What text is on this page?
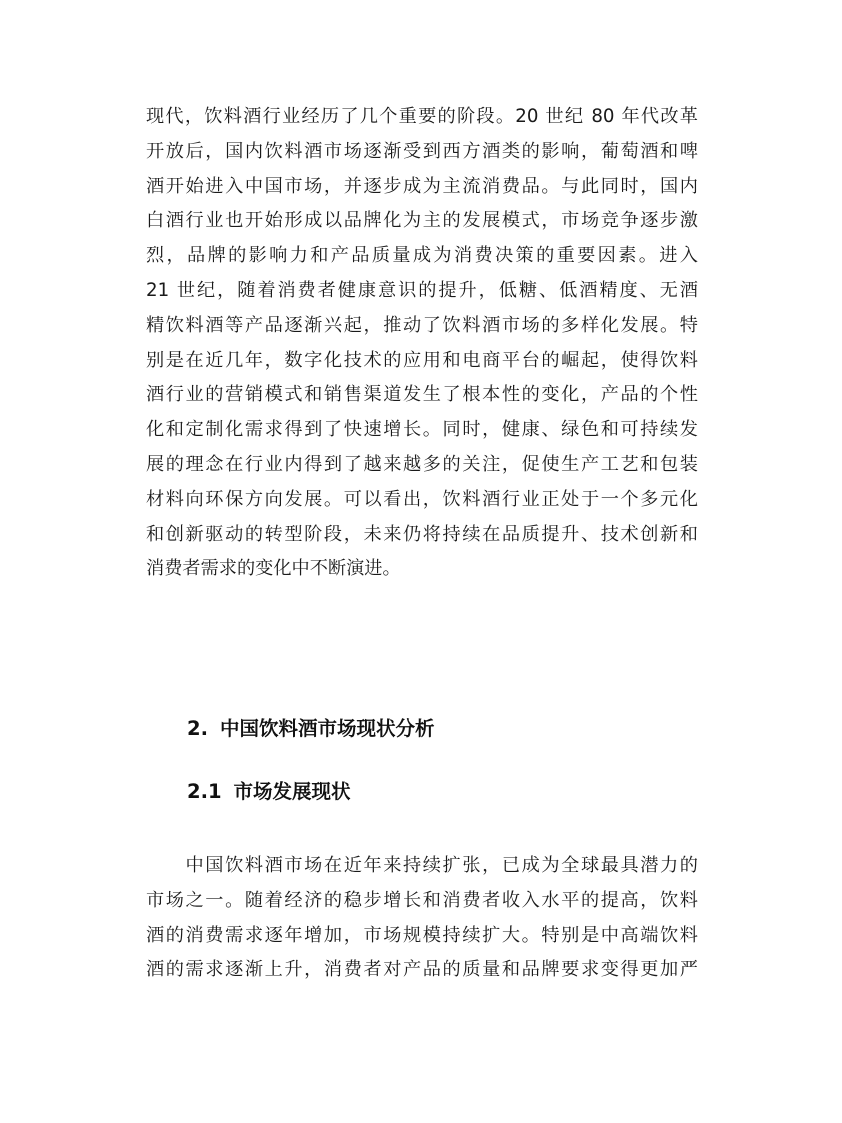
现代，饮料酒行业经历了几个重要的阶段。20 世纪 80 年代改革
开放后，国内饮料酒市场逐渐受到西方酒类的影响，葡萄酒和啤
酒开始进入中国市场，并逐步成为主流消费品。与此同时，国内
白酒行业也开始形成以品牌化为主的发展模式，市场竞争逐步激
烈，品牌的影响力和产品质量成为消费决策的重要因素。进入
21 世纪，随着消费者健康意识的提升，低糖、低酒精度、无酒
精饮料酒等产品逐渐兴起，推动了饮料酒市场的多样化发展。特
别是在近几年，数字化技术的应用和电商平台的崛起，使得饮料
酒行业的营销模式和销售渠道发生了根本性的变化，产品的个性
化和定制化需求得到了快速增长。同时，健康、绿色和可持续发
展的理念在行业内得到了越来越多的关注，促使生产工艺和包装
材料向环保方向发展。可以看出，饮料酒行业正处于一个多元化
和创新驱动的转型阶段，未来仍将持续在品质提升、技术创新和
消费者需求的变化中不断演进。
2. 中国饮料酒市场现状分析
2.1 市场发展现状
　　中国饮料酒市场在近年来持续扩张，已成为全球最具潜力的
市场之一。随着经济的稳步增长和消费者收入水平的提高，饮料
酒的消费需求逐年增加，市场规模持续扩大。特别是中高端饮料
酒的需求逐渐上升，消费者对产品的质量和品牌要求变得更加严
